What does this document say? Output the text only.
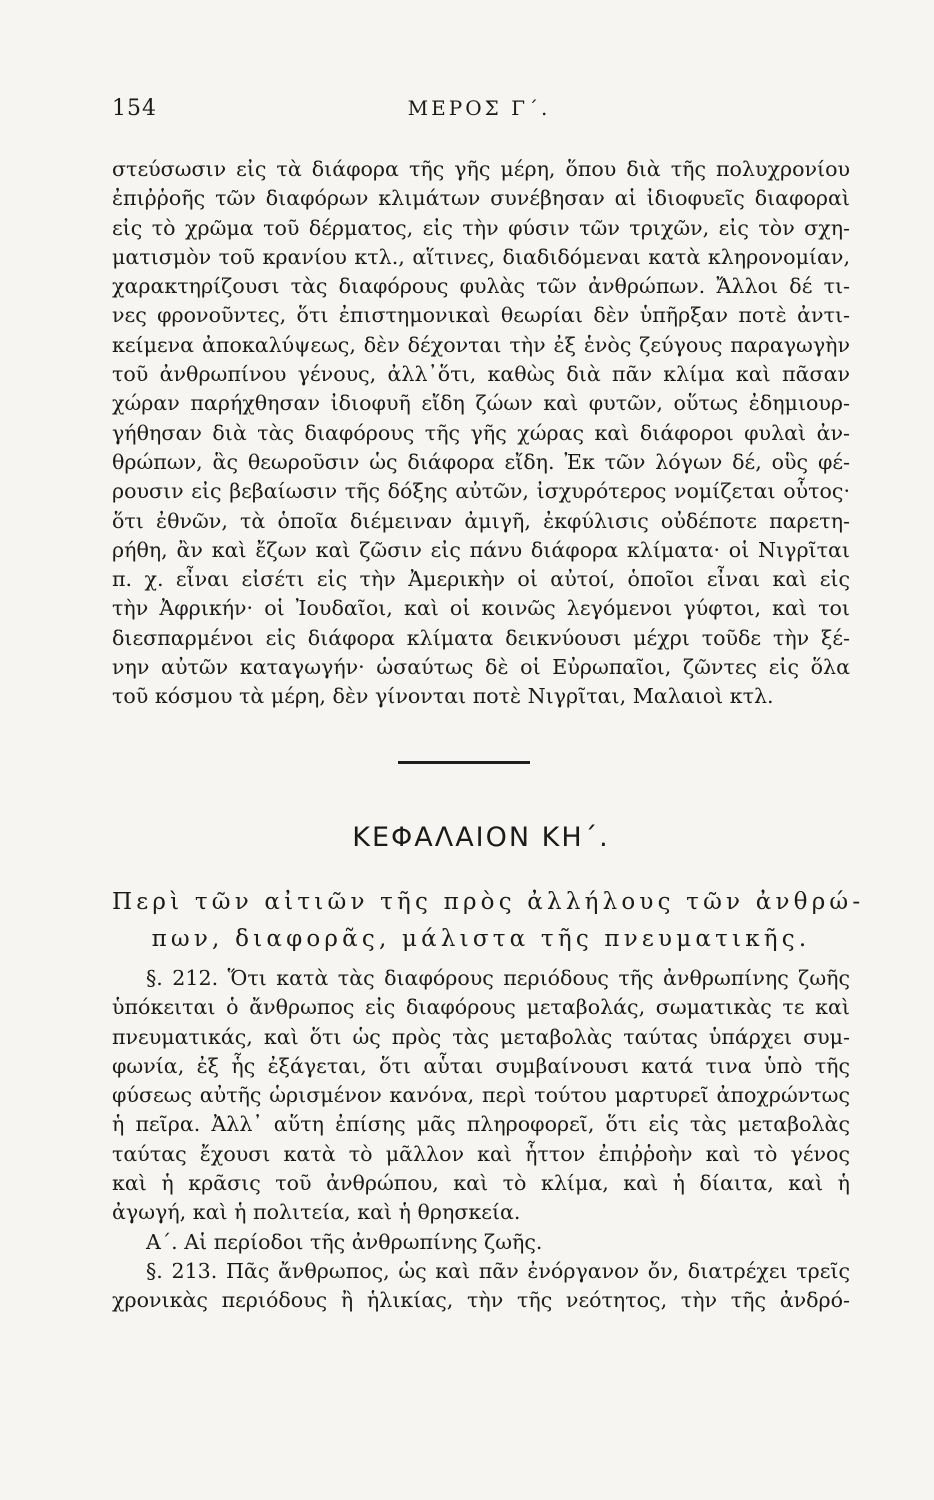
154	ΜΕΡΟΣ Γ΄.
στεύσωσιν εἰς τὰ διάφορα τῆς γῆς μέρη, ὅπου διὰ τῆς πολυχρονίου
ἐπιῤῥοῆς τῶν διαφόρων κλιμάτων συνέβησαν αἱ ἰδιοφυεῖς διαφοραὶ
εἰς τὸ χρῶμα τοῦ δέρματος, εἰς τὴν φύσιν τῶν τριχῶν, εἰς τὸν σχη-
ματισμὸν τοῦ κρανίου κτλ., αἵτινες, διαδιδόμεναι κατὰ κληρονομίαν,
χαρακτηρίζουσι τὰς διαφόρους φυλὰς τῶν ἀνθρώπων. Ἄλλοι δέ τι-
νες φρονοῦντες, ὅτι ἐπιστημονικαὶ θεωρίαι δὲν ὑπῆρξαν ποτὲ ἀντι-
κείμενα ἀποκαλύψεως, δὲν δέχονται τὴν ἐξ ἑνὸς ζεύγους παραγωγὴν
τοῦ ἀνθρωπίνου γένους, ἀλλ᾽ὅτι, καθὼς διὰ πᾶν κλίμα καὶ πᾶσαν
χώραν παρήχθησαν ἰδιοφυῆ εἴδη ζώων καὶ φυτῶν, οὕτως ἐδημιουρ-
γήθησαν διὰ τὰς διαφόρους τῆς γῆς χώρας καὶ διάφοροι φυλαὶ ἀν-
θρώπων, ἃς θεωροῦσιν ὡς διάφορα εἴδη. Ἐκ τῶν λόγων δέ, οὓς φέ-
ρουσιν εἰς βεβαίωσιν τῆς δόξης αὐτῶν, ἰσχυρότερος νομίζεται οὗτος·
ὅτι ἐθνῶν, τὰ ὁποῖα διέμειναν ἀμιγῆ, ἐκφύλισις οὐδέποτε παρετη-
ρήθη, ἂν καὶ ἔζων καὶ ζῶσιν εἰς πάνυ διάφορα κλίματα· οἱ Νιγρῖται
π. χ. εἶναι εἰσέτι εἰς τὴν Ἀμερικὴν οἱ αὐτοί, ὁποῖοι εἶναι καὶ εἰς
τὴν Ἀφρικήν· οἱ Ἰουδαῖοι, καὶ οἱ κοινῶς λεγόμενοι γύφτοι, καὶ τοι
διεσπαρμένοι εἰς διάφορα κλίματα δεικνύουσι μέχρι τοῦδε τὴν ξέ-
νην αὐτῶν καταγωγήν· ὡσαύτως δὲ οἱ Εὐρωπαῖοι, ζῶντες εἰς ὅλα
τοῦ κόσμου τὰ μέρη, δὲν γίνονται ποτὲ Νιγρῖται, Μαλαιοὶ κτλ.
ΚΕΦΑΛΑΙΟΝ ΚΗ΄.
Περὶ τῶν αἰτιῶν τῆς πρὸς ἀλλήλους τῶν ἀνθρώ-
πων, διαφορᾶς, μάλιστα τῆς πνευματικῆς.
§. 212. Ὅτι κατὰ τὰς διαφόρους περιόδους τῆς ἀνθρωπίνης ζωῆς
ὑπόκειται ὁ ἄνθρωπος εἰς διαφόρους μεταβολάς, σωματικὰς τε καὶ
πνευματικάς, καὶ ὅτι ὡς πρὸς τὰς μεταβολὰς ταύτας ὑπάρχει συμ-
φωνία, ἐξ ἧς ἐξάγεται, ὅτι αὗται συμβαίνουσι κατά τινα ὑπὸ τῆς
φύσεως αὐτῆς ὡρισμένον κανόνα, περὶ τούτου μαρτυρεῖ ἀποχρώντως
ἡ πεῖρα. Ἀλλ᾽ αὕτη ἐπίσης μᾶς πληροφορεῖ, ὅτι εἰς τὰς μεταβολὰς
ταύτας ἔχουσι κατὰ τὸ μᾶλλον καὶ ἧττον ἐπιῤῥοὴν καὶ τὸ γένος
καὶ ἡ κρᾶσις τοῦ ἀνθρώπου, καὶ τὸ κλίμα, καὶ ἡ δίαιτα, καὶ ἡ
ἀγωγή, καὶ ἡ πολιτεία, καὶ ἡ θρησκεία.
Α΄. Αἱ περίοδοι τῆς ἀνθρωπίνης ζωῆς.
§. 213. Πᾶς ἄνθρωπος, ὡς καὶ πᾶν ἐνόργανον ὄν, διατρέχει τρεῖς
χρονικὰς περιόδους ἢ ἡλικίας, τὴν τῆς νεότητος, τὴν τῆς ἀνδρό-
